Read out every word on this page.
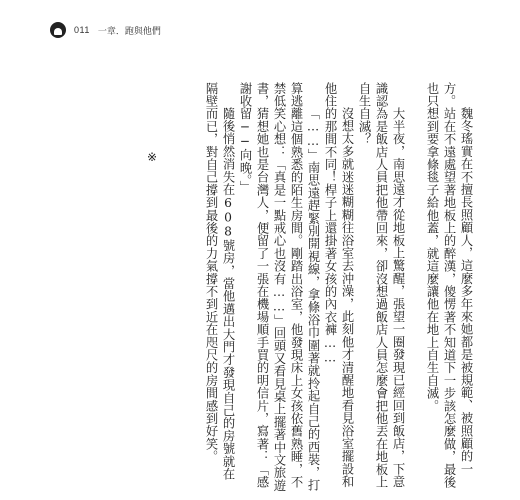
011 一章．跑與他們

魏冬瑤實在不擅長照顧人，這麼多年來她都是被規範、被照顧的一方。站在不遠處望著地板上的醉漢，傻愣著不知道下一步該怎麼做，最後也只想到要拿條毯子給他蓋，就這麼讓他在地上自生自滅。

大半夜，南思遠才從地板上驚醒，張望一圈發現已經回到飯店，下意識認為是飯店人員把他帶回來，卻沒想過飯店人員怎麼會把他丟在地板上自生自滅？

沒想太多就迷迷糊糊往浴室去沖澡，此刻他才清醒地看見浴室擺設和他住的那間不同！桿子上還掛著女孩的內衣褲……

「……」南思遠趕緊別開視線，拿條浴巾圍著就拎起自己的西裝，打算逃離這個熟悉的陌生房間。剛踏出浴室，他發現床上女孩依舊熟睡，不禁低笑心想：「真是一點戒心也沒有……」回頭又看見桌上擺著中文旅遊書，猜想她也是台灣人，便留了一張在機場順手買的明信片，寫著：「感謝收留──向晚。」

隨後悄然消失在608號房，當他邁出大門才發現自己的房號就在隔壁而已，對自己撐到最後的力氣撐不到近在咫尺的房間感到好笑。

※
